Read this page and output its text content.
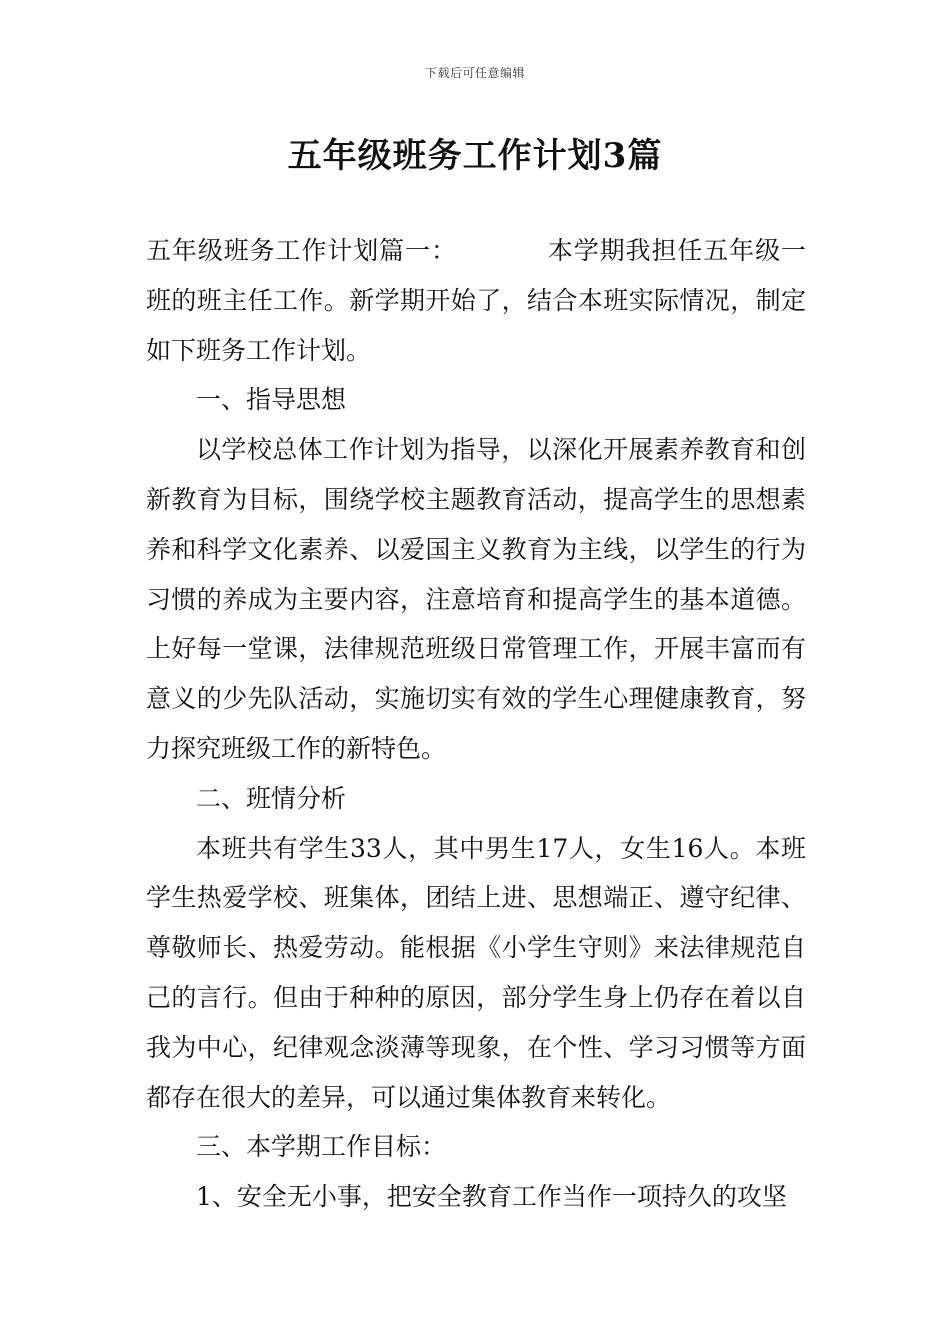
下载后可任意编辑
五年级班务工作计划3篇

五年级班务工作计划篇一：	本学期我担任五年级一班的班主任工作。新学期开始了，结合本班实际情况，制定如下班务工作计划。

一、指导思想

以学校总体工作计划为指导，以深化开展素养教育和创新教育为目标，围绕学校主题教育活动，提高学生的思想素养和科学文化素养、以爱国主义教育为主线，以学生的行为习惯的养成为主要内容，注意培育和提高学生的基本道德。上好每一堂课，法律规范班级日常管理工作，开展丰富而有意义的少先队活动，实施切实有效的学生心理健康教育，努力探究班级工作的新特色。

二、班情分析

本班共有学生33人，其中男生17人，女生16人。本班学生热爱学校、班集体，团结上进、思想端正、遵守纪律、尊敬师长、热爱劳动。能根据《小学生守则》来法律规范自己的言行。但由于种种的原因，部分学生身上仍存在着以自我为中心，纪律观念淡薄等现象，在个性、学习习惯等方面都存在很大的差异，可以通过集体教育来转化。

三、本学期工作目标：

1、安全无小事，把安全教育工作当作一项持久的攻坚
